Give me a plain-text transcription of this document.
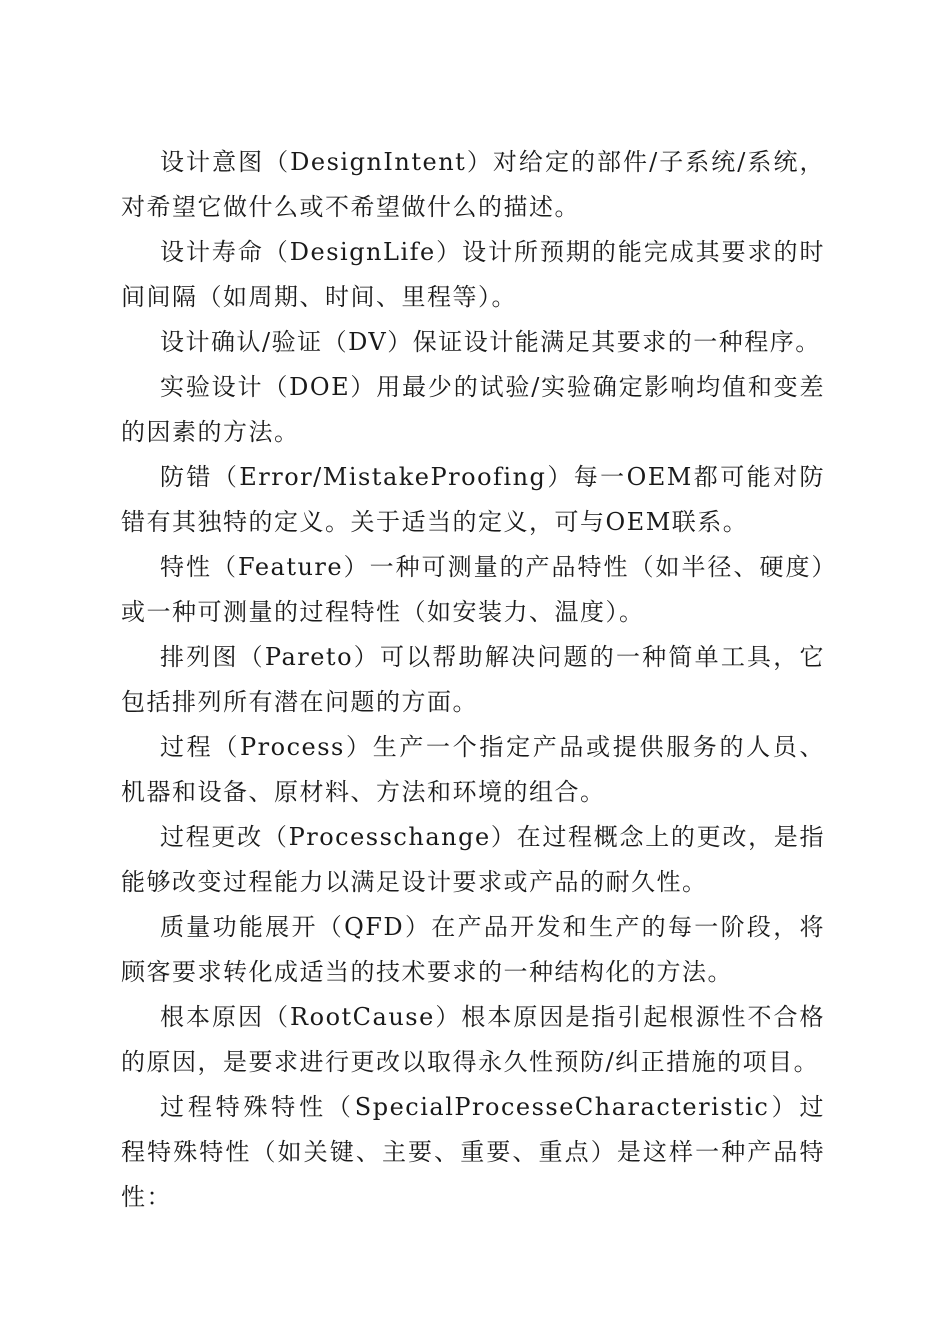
设计意图（DesignIntent）对给定的部件/子系统/系统，对希望它做什么或不希望做什么的描述。

设计寿命（DesignLife）设计所预期的能完成其要求的时间间隔（如周期、时间、里程等）。

设计确认/验证（DV）保证设计能满足其要求的一种程序。

实验设计（DOE）用最少的试验/实验确定影响均值和变差的因素的方法。

防错（Error/MistakeProofing）每一OEM都可能对防错有其独特的定义。关于适当的定义，可与OEM联系。

特性（Feature）一种可测量的产品特性（如半径、硬度）或一种可测量的过程特性（如安装力、温度）。

排列图（Pareto）可以帮助解决问题的一种简单工具，它包括排列所有潜在问题的方面。

过程（Process）生产一个指定产品或提供服务的人员、机器和设备、原材料、方法和环境的组合。

过程更改（Processchange）在过程概念上的更改，是指能够改变过程能力以满足设计要求或产品的耐久性。

质量功能展开（QFD）在产品开发和生产的每一阶段，将顾客要求转化成适当的技术要求的一种结构化的方法。

根本原因（RootCause）根本原因是指引起根源性不合格的原因，是要求进行更改以取得永久性预防/纠正措施的项目。

过程特殊特性（SpecialProcesseCharacteristic）过程特殊特性（如关键、主要、重要、重点）是这样一种产品特性：
